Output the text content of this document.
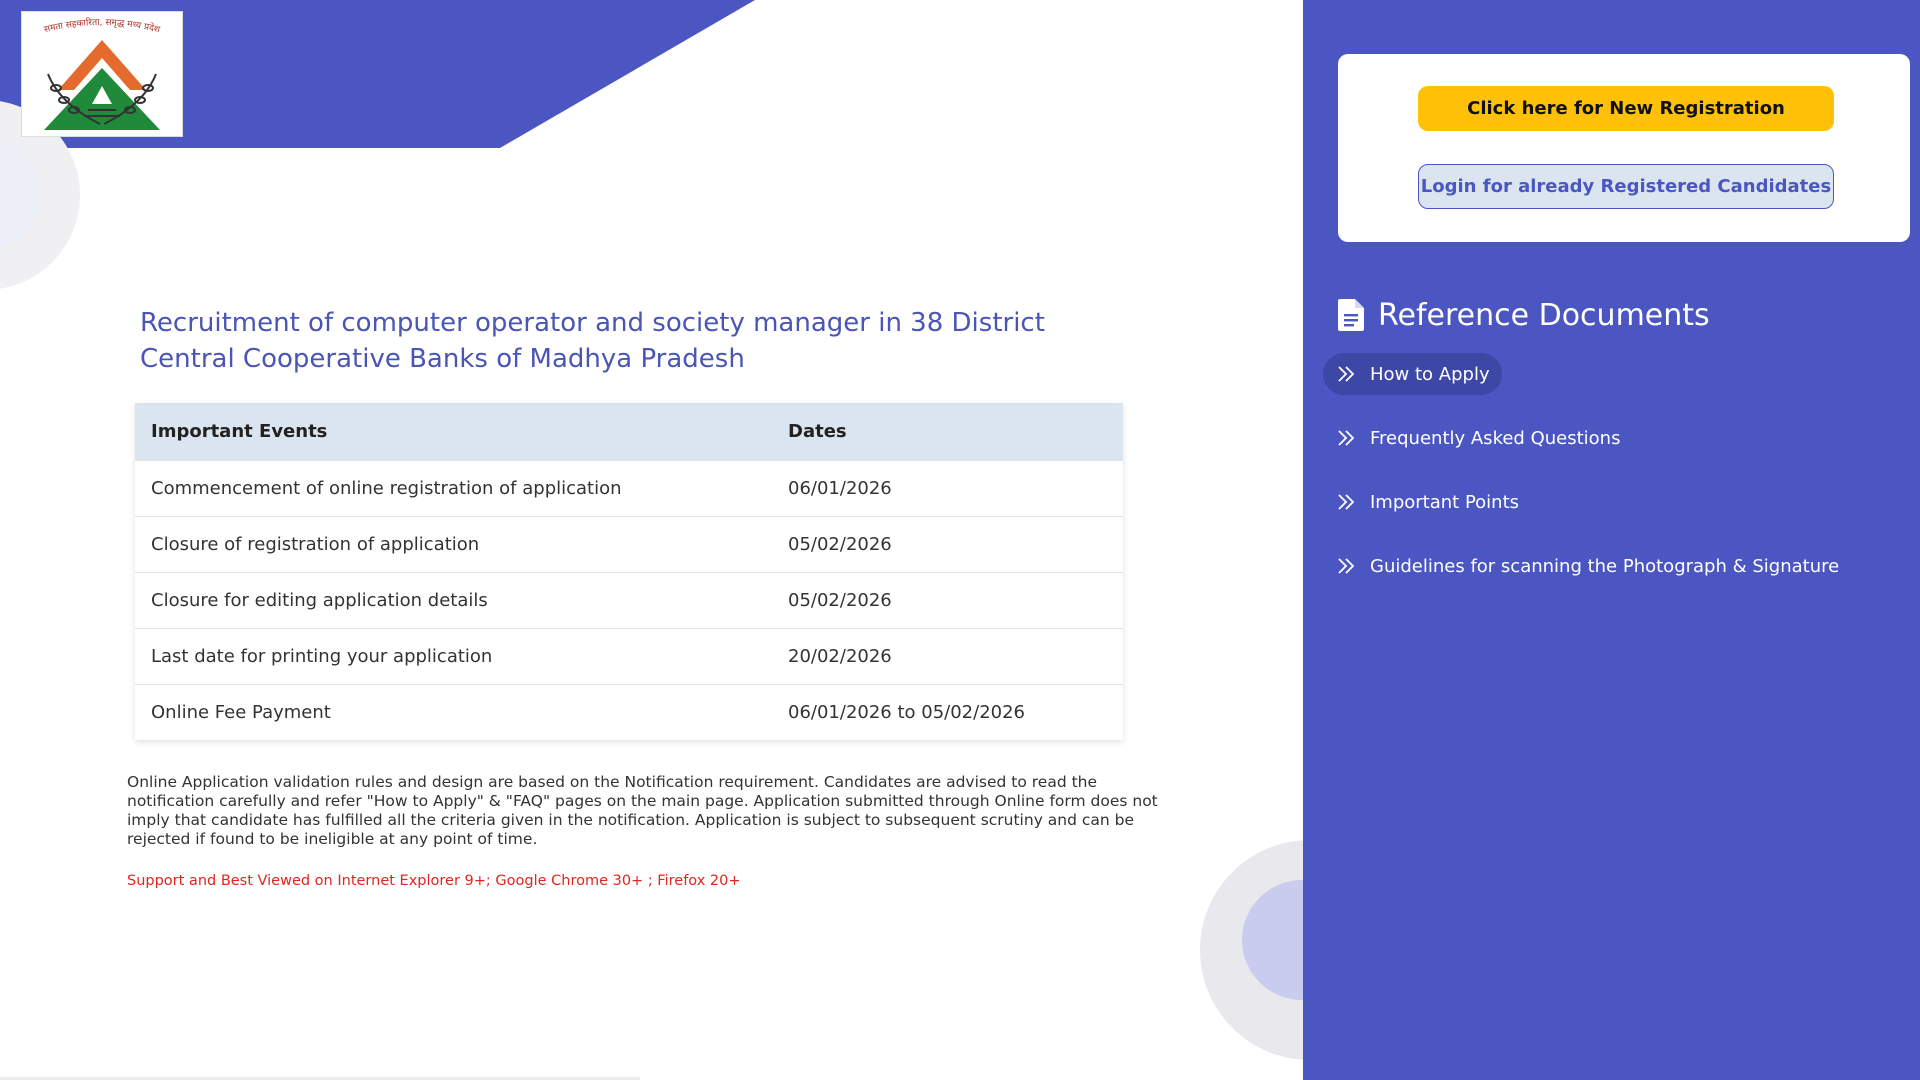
समता सहकारिता, समृद्ध मध्य प्रदेश
Recruitment of computer operator and society manager in 38 District Central Cooperative Banks of Madhya Pradesh
Important Events	Dates
Commencement of online registration of application	06/01/2026
Closure of registration of application	05/02/2026
Closure for editing application details	05/02/2026
Last date for printing your application	20/02/2026
Online Fee Payment	06/01/2026 to 05/02/2026

Online Application validation rules and design are based on the Notification requirement. Candidates are advised to read the notification carefully and refer "How to Apply" & "FAQ" pages on the main page. Application submitted through Online form does not imply that candidate has fulfilled all the criteria given in the notification. Application is subject to subsequent scrutiny and can be rejected if found to be ineligible at any point of time.

Support and Best Viewed on Internet Explorer 9+; Google Chrome 30+ ; Firefox 20+

Click here for New Registration
Login for already Registered Candidates
Reference Documents
How to Apply
Frequently Asked Questions
Important Points
Guidelines for scanning the Photograph & Signature
